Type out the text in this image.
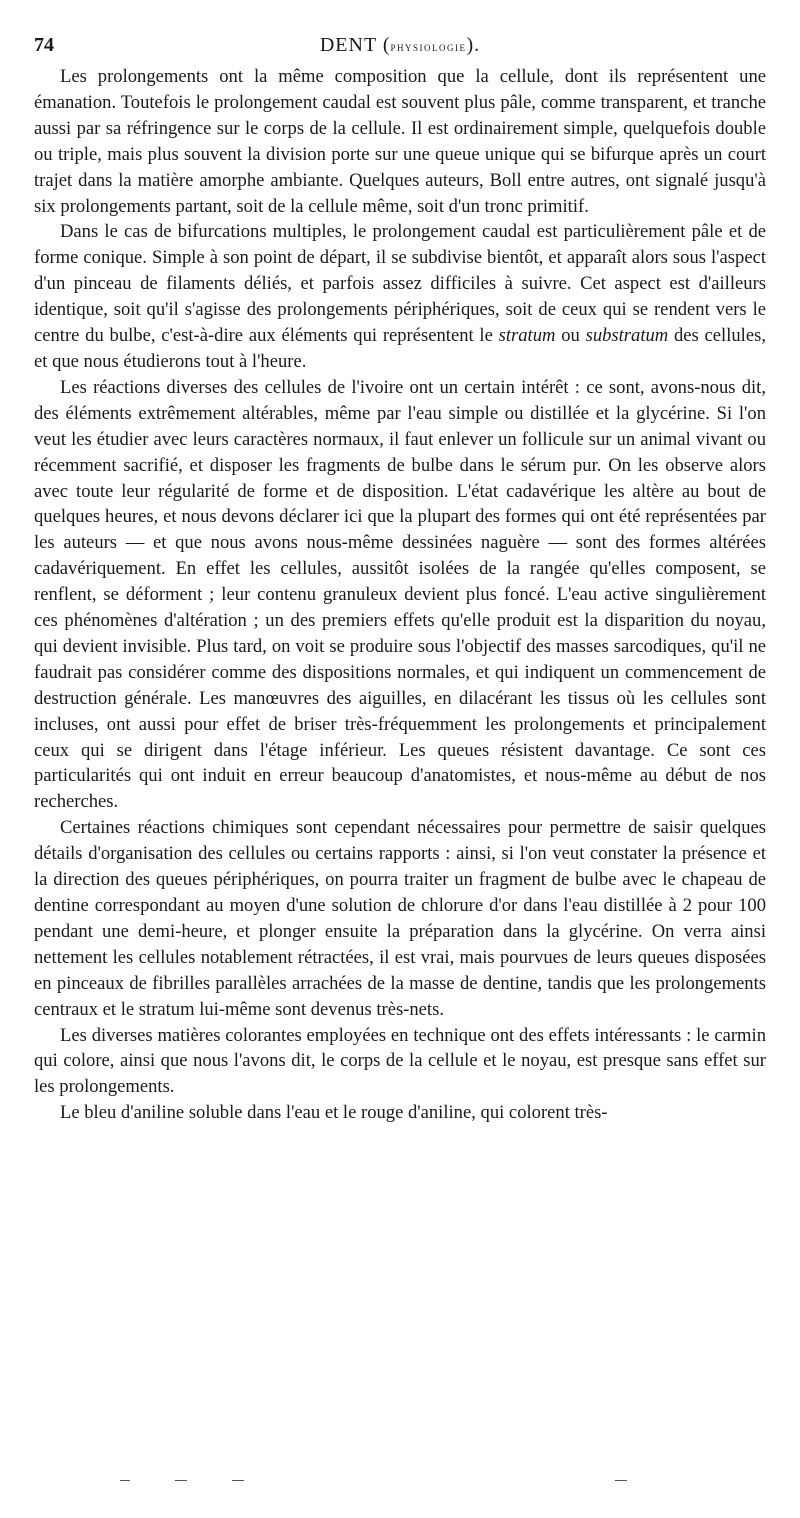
74	DENT (physiologie).

Les prolongements ont la même composition que la cellule, dont ils représentent une émanation. Toutefois le prolongement caudal est souvent plus pâle, comme transparent, et tranche aussi par sa réfringence sur le corps de la cellule. Il est ordinairement simple, quelquefois double ou triple, mais plus souvent la division porte sur une queue unique qui se bifurque après un court trajet dans la matière amorphe ambiante. Quelques auteurs, Boll entre autres, ont signalé jusqu'à six prolongements partant, soit de la cellule même, soit d'un tronc primitif.

Dans le cas de bifurcations multiples, le prolongement caudal est particulièrement pâle et de forme conique. Simple à son point de départ, il se subdivise bientôt, et apparaît alors sous l'aspect d'un pinceau de filaments déliés, et parfois assez difficiles à suivre. Cet aspect est d'ailleurs identique, soit qu'il s'agisse des prolongements périphériques, soit de ceux qui se rendent vers le centre du bulbe, c'est-à-dire aux éléments qui représentent le stratum ou substratum des cellules, et que nous étudierons tout à l'heure.

Les réactions diverses des cellules de l'ivoire ont un certain intérêt : ce sont, avons-nous dit, des éléments extrêmement altérables, même par l'eau simple ou distillée et la glycérine. Si l'on veut les étudier avec leurs caractères normaux, il faut enlever un follicule sur un animal vivant ou récemment sacrifié, et disposer les fragments de bulbe dans le sérum pur. On les observe alors avec toute leur régularité de forme et de disposition. L'état cadavérique les altère au bout de quelques heures, et nous devons déclarer ici que la plupart des formes qui ont été représentées par les auteurs — et que nous avons nous-même dessinées naguère — sont des formes altérées cadavériquement. En effet les cellules, aussitôt isolées de la rangée qu'elles composent, se renflent, se déforment ; leur contenu granuleux devient plus foncé. L'eau active singulièrement ces phénomènes d'altération ; un des premiers effets qu'elle produit est la disparition du noyau, qui devient invisible. Plus tard, on voit se produire sous l'objectif des masses sarcodiques, qu'il ne faudrait pas considérer comme des dispositions normales, et qui indiquent un commencement de destruction générale. Les manœuvres des aiguilles, en dilacérant les tissus où les cellules sont incluses, ont aussi pour effet de briser très-fréquemment les prolongements et principalement ceux qui se dirigent dans l'étage inférieur. Les queues résistent davantage. Ce sont ces particularités qui ont induit en erreur beaucoup d'anatomistes, et nous-même au début de nos recherches.

Certaines réactions chimiques sont cependant nécessaires pour permettre de saisir quelques détails d'organisation des cellules ou certains rapports : ainsi, si l'on veut constater la présence et la direction des queues périphériques, on pourra traiter un fragment de bulbe avec le chapeau de dentine correspondant au moyen d'une solution de chlorure d'or dans l'eau distillée à 2 pour 100 pendant une demi-heure, et plonger ensuite la préparation dans la glycérine. On verra ainsi nettement les cellules notablement rétractées, il est vrai, mais pourvues de leurs queues disposées en pinceaux de fibrilles parallèles arrachées de la masse de dentine, tandis que les prolongements centraux et le stratum lui-même sont devenus très-nets.

Les diverses matières colorantes employées en technique ont des effets intéressants : le carmin qui colore, ainsi que nous l'avons dit, le corps de la cellule et le noyau, est presque sans effet sur les prolongements.

Le bleu d'aniline soluble dans l'eau et le rouge d'aniline, qui colorent très-
